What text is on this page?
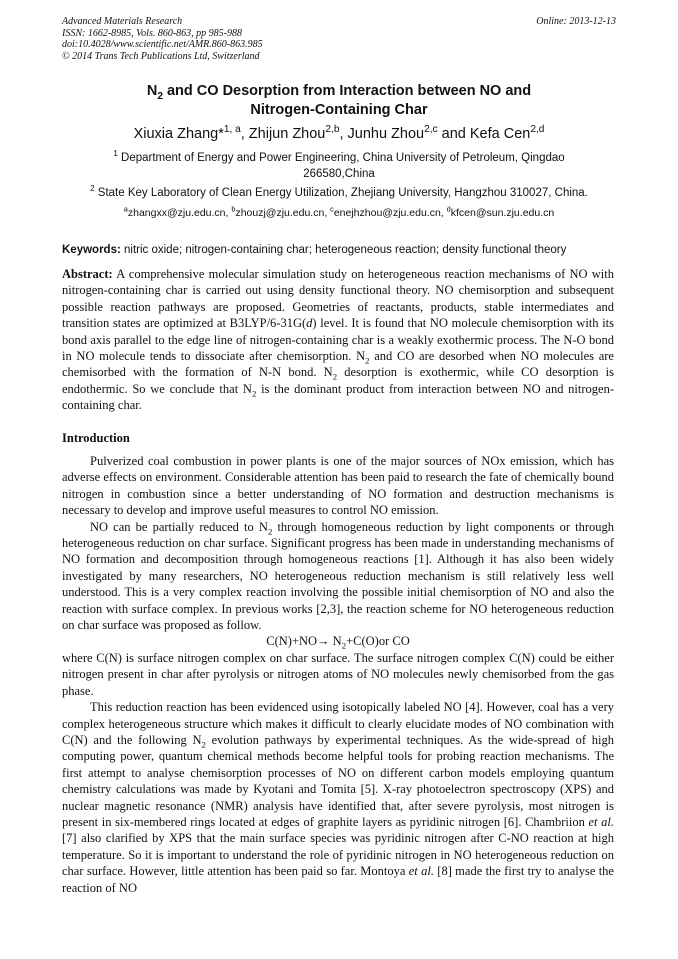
Advanced Materials Research
ISSN: 1662-8985, Vols. 860-863, pp 985-988
doi:10.4028/www.scientific.net/AMR.860-863.985
© 2014 Trans Tech Publications Ltd, Switzerland
Online: 2013-12-13
$N_2$ and CO Desorption from Interaction between NO and
Nitrogen-Containing Char
Xiuxia Zhang*$^{1, a}$, Zhijun Zhou$^{2,b}$, Junhu Zhou$^{2,c}$ and Kefa Cen$^{2,d}$
$^1$ Department of Energy and Power Engineering, China University of Petroleum, Qingdao
266580,China
$^2$ State Key Laboratory of Clean Energy Utilization, Zhejiang University, Hangzhou 310027, China.
$^a$zhangxx@zju.edu.cn, $^b$zhouzj@zju.edu.cn, $^c$enejhzhou@zju.edu.cn, $^d$kfcen@sun.zju.edu.cn
Keywords: nitric oxide; nitrogen-containing char; heterogeneous reaction; density functional theory
Abstract: A comprehensive molecular simulation study on heterogeneous reaction mechanisms of NO with nitrogen-containing char is carried out using density functional theory. NO chemisorption and subsequent possible reaction pathways are proposed. Geometries of reactants, products, stable intermediates and transition states are optimized at B3LYP/6-31G(d) level. It is found that NO molecule chemisorption with its bond axis parallel to the edge line of nitrogen-containing char is a weakly exothermic process. The N-O bond in NO molecule tends to dissociate after chemisorption. $N_2$ and CO are desorbed when NO molecules are chemisorbed with the formation of N-N bond. $N_2$ desorption is exothermic, while CO desorption is endothermic. So we conclude that $N_2$ is the dominant product from interaction between NO and nitrogen-containing char.
Introduction

Pulverized coal combustion in power plants is one of the major sources of NOx emission, which has adverse effects on environment. Considerable attention has been paid to research the fate of chemically bound nitrogen in combustion since a better understanding of NO formation and destruction mechanisms is necessary to develop and improve useful measures to control NO emission.

NO can be partially reduced to $N_2$ through homogeneous reduction by light components or through heterogeneous reduction on char surface. Significant progress has been made in understanding mechanisms of NO formation and decomposition through homogeneous reactions [1]. Although it has also been widely investigated by many researchers, NO heterogeneous reduction mechanism is still relatively less well understood. This is a very complex reaction involving the possible initial chemisorption of NO and also the reaction with surface complex. In previous works [2,3], the reaction scheme for NO heterogeneous reduction on char surface was proposed as follow.

$C(N)+NO\to N_2+C(O)or$ CO

where C(N) is surface nitrogen complex on char surface. The surface nitrogen complex C(N) could be either nitrogen present in char after pyrolysis or nitrogen atoms of NO molecules newly chemisorbed from the gas phase.

This reduction reaction has been evidenced using isotopically labeled NO [4]. However, coal has a very complex heterogeneous structure which makes it difficult to clearly elucidate modes of NO combination with C(N) and the following $N_2$ evolution pathways by experimental techniques. As the wide-spread of high computing power, quantum chemical methods become helpful tools for probing reaction mechanisms. The first attempt to analyse chemisorption processes of NO on different carbon models employing quantum chemistry calculations was made by Kyotani and Tomita [5]. X-ray photoelectron spectroscopy (XPS) and nuclear magnetic resonance (NMR) analysis have identified that, after severe pyrolysis, most nitrogen is present in six-membered rings located at edges of graphite layers as pyridinic nitrogen [6]. Chambriion et al. [7] also clarified by XPS that the main surface species was pyridinic nitrogen after C-NO reaction at high temperature. So it is important to understand the role of pyridinic nitrogen in NO heterogeneous reduction on char surface. However, little attention has been paid so far. Montoya et al. [8] made the first try to analyse the reaction of NO
